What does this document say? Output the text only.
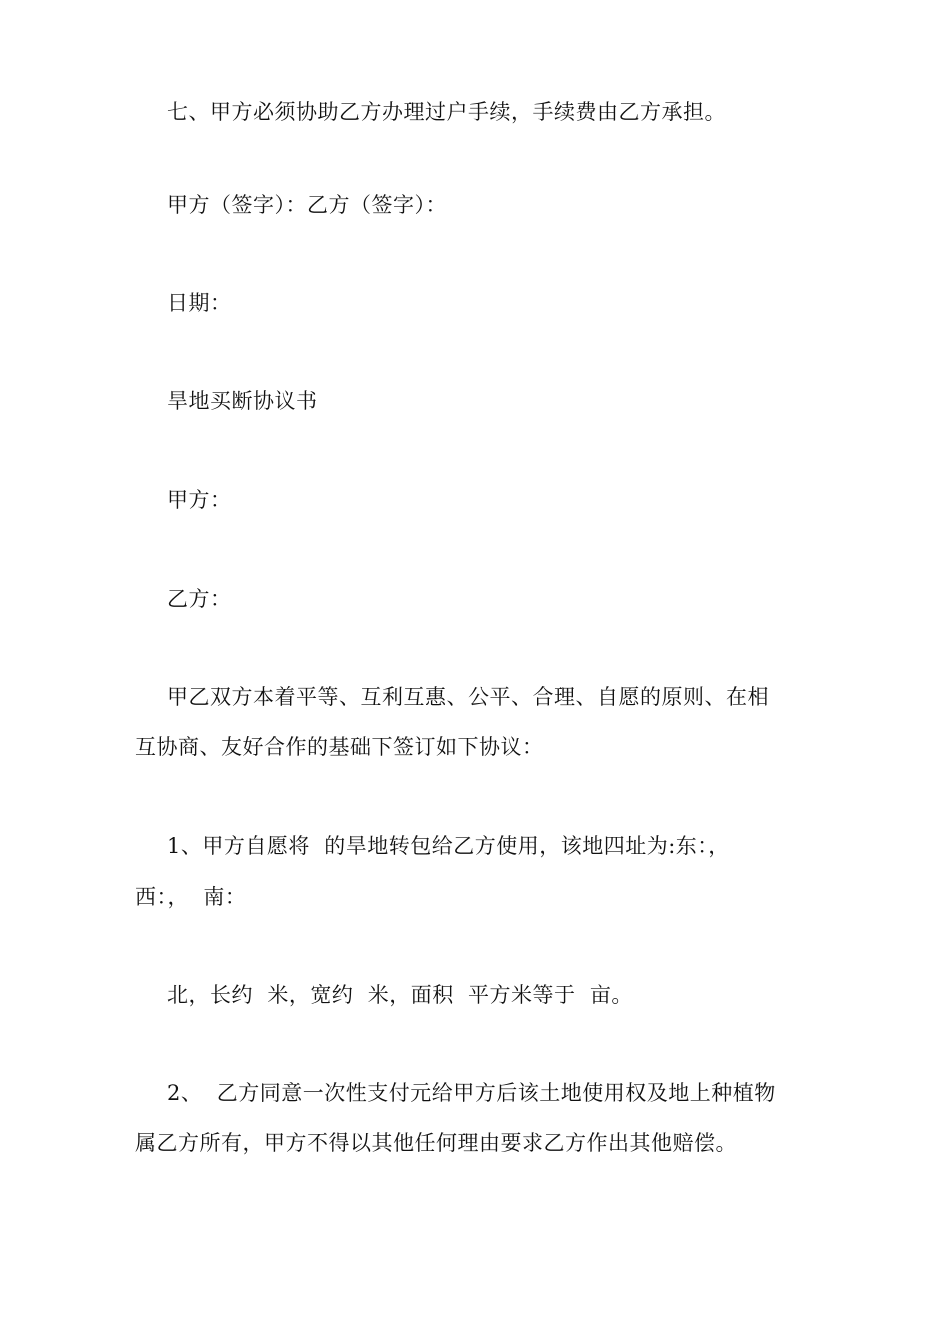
七、甲方必须协助乙方办理过户手续，手续费由乙方承担。
甲方（签字）：乙方（签字）：
日期：
旱地买断协议书
甲方：
乙方：
甲乙双方本着平等、互利互惠、公平、合理、自愿的原则、在相
互协商、友好合作的基础下签订如下协议：
1、甲方自愿将  的旱地转包给乙方使用，该地四址为:东：，
西：，  南：
北，长约  米，宽约  米，面积  平方米等于  亩。
2、  乙方同意一次性支付元给甲方后该土地使用权及地上种植物
属乙方所有，甲方不得以其他任何理由要求乙方作出其他赔偿。
